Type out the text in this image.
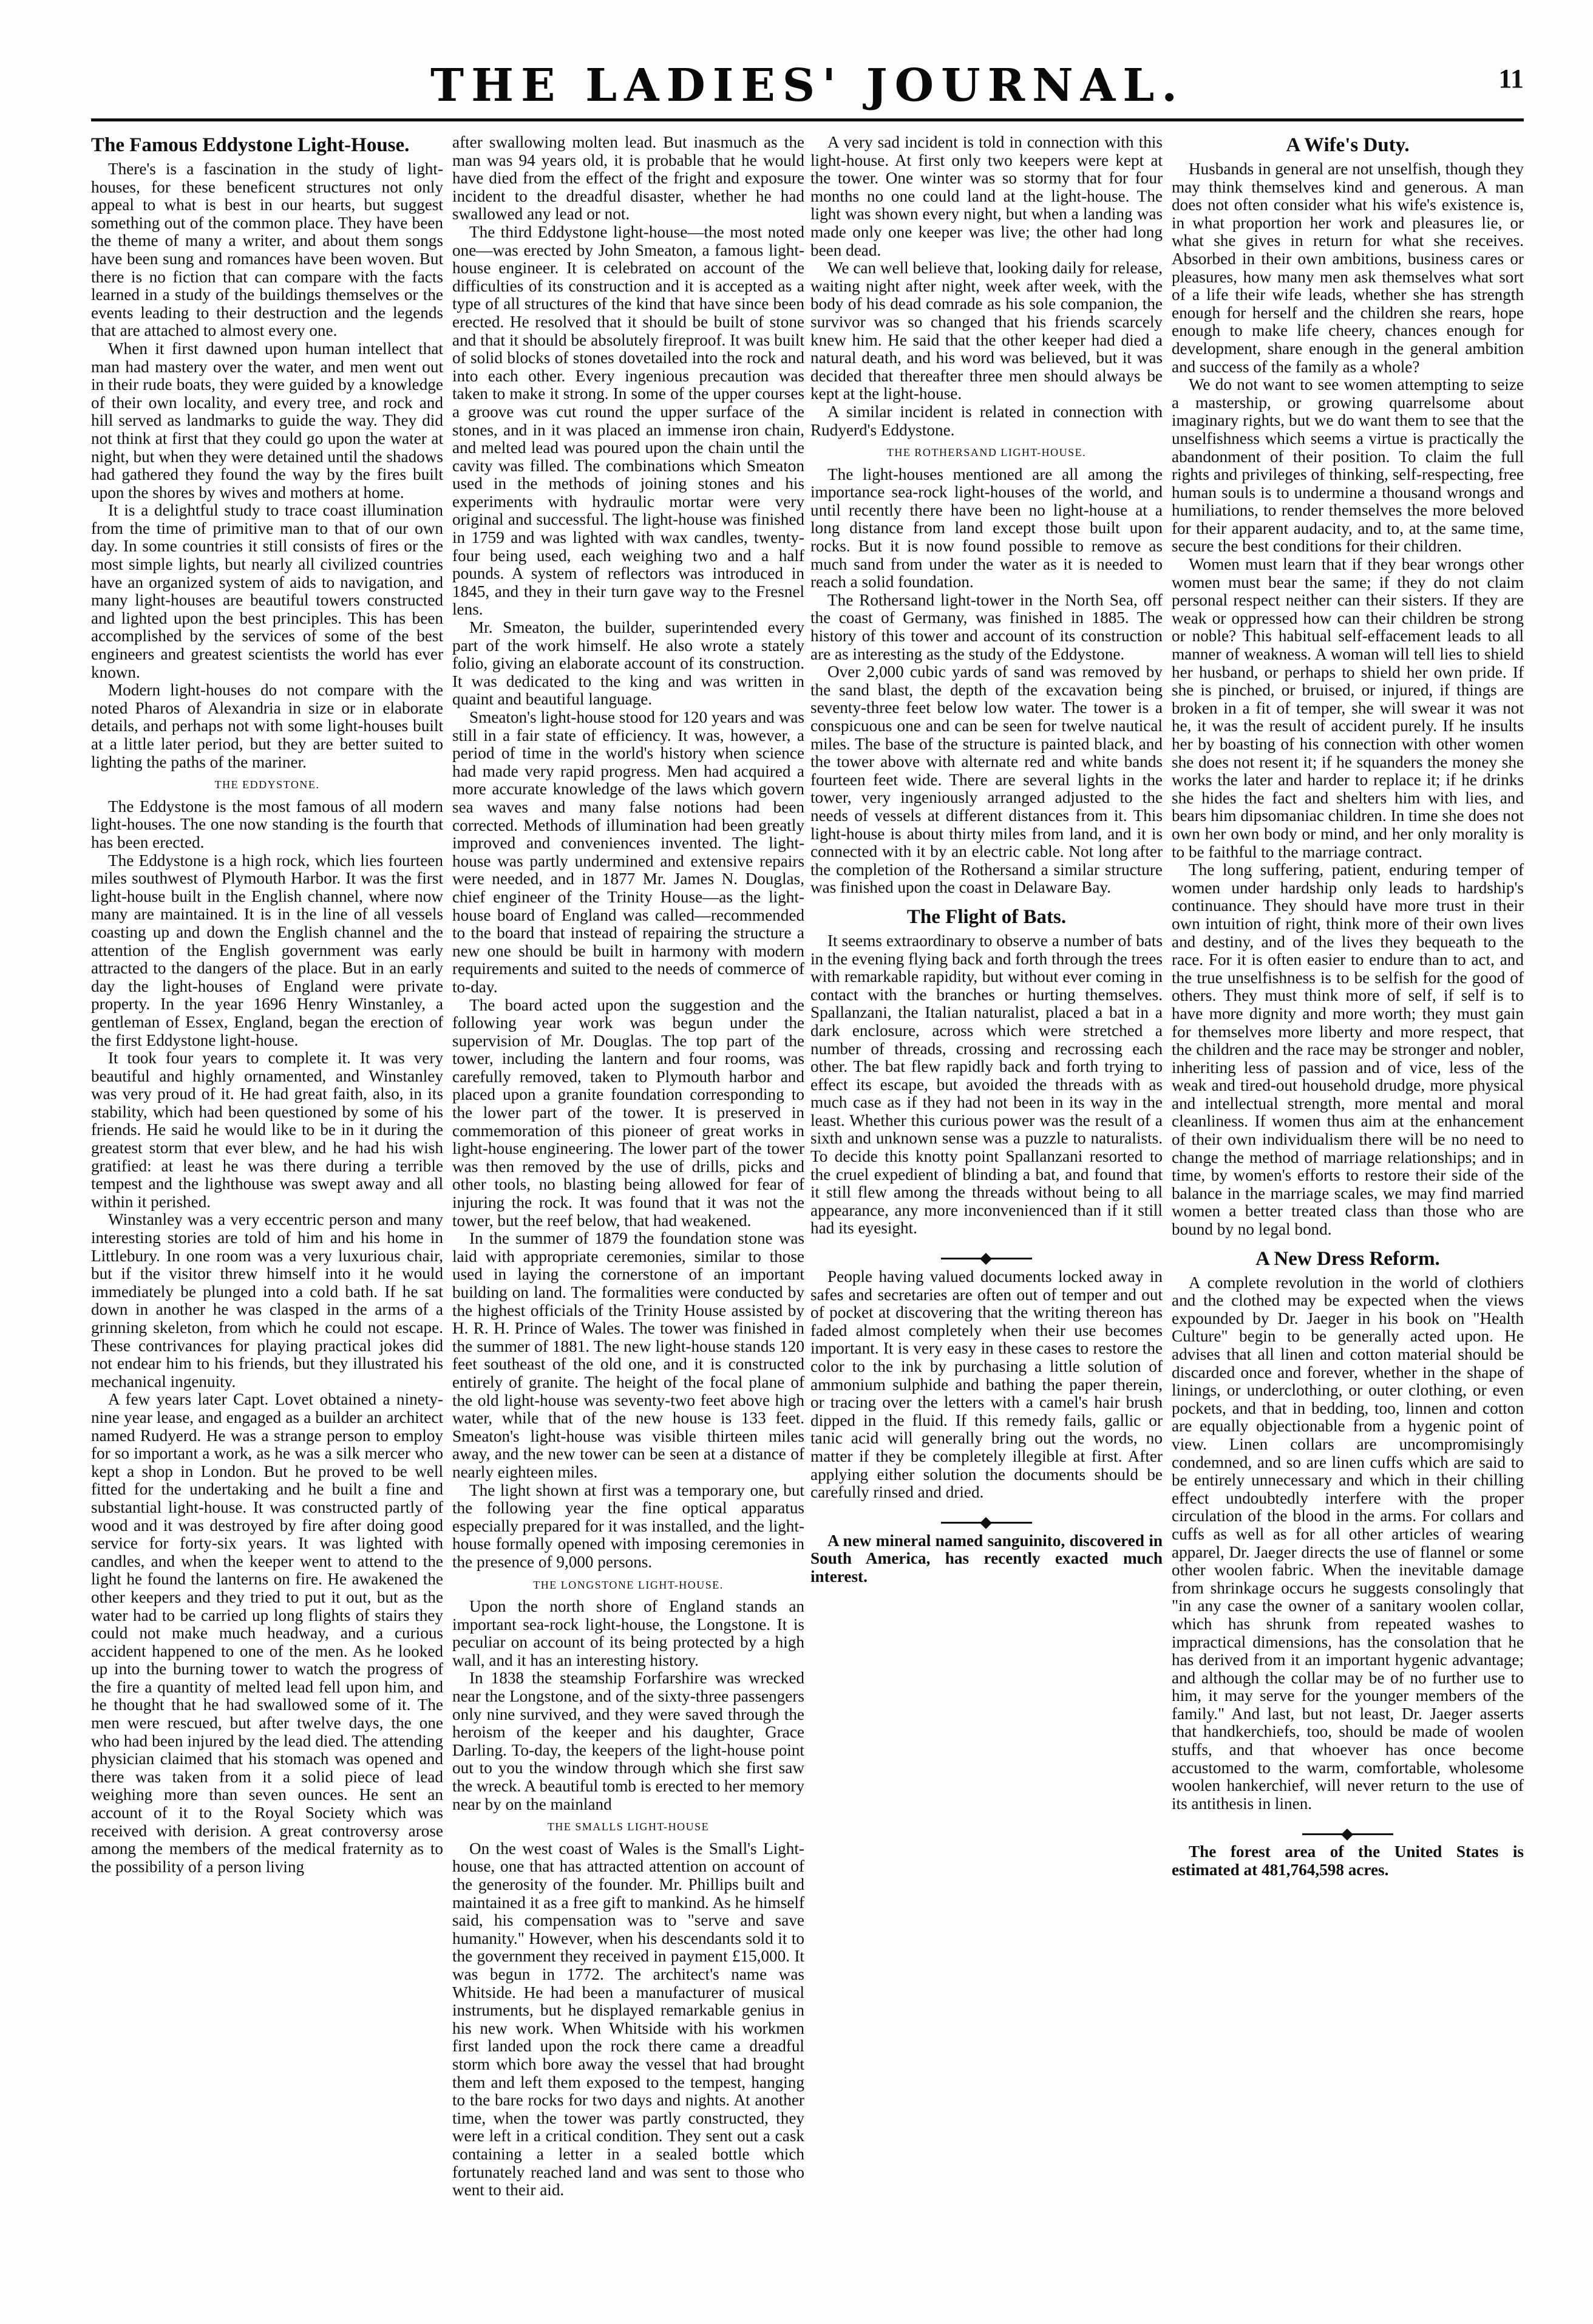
THE LADIES' JOURNAL.	11
The Famous Eddystone Light-House.

There's is a fascination in the study of light-houses, for these beneficent structures not only appeal to what is best in our hearts, but suggest something out of the common place. They have been the theme of many a writer, and about them songs have been sung and romances have been woven. But there is no fiction that can compare with the facts learned in a study of the buildings themselves or the events leading to their destruction and the legends that are attached to almost every one.

When it first dawned upon human intellect that man had mastery over the water, and men went out in their rude boats, they were guided by a knowledge of their own locality, and every tree, and rock and hill served as landmarks to guide the way. They did not think at first that they could go upon the water at night, but when they were detained until the shadows had gathered they found the way by the fires built upon the shores by wives and mothers at home.

It is a delightful study to trace coast illumination from the time of primitive man to that of our own day. In some countries it still consists of fires or the most simple lights, but nearly all civilized countries have an organized system of aids to navigation, and many light-houses are beautiful towers constructed and lighted upon the best principles. This has been accomplished by the services of some of the best engineers and greatest scientists the world has ever known.

Modern light-houses do not compare with the noted Pharos of Alexandria in size or in elaborate details, and perhaps not with some light-houses built at a little later period, but they are better suited to lighting the paths of the mariner.

THE EDDYSTONE.

The Eddystone is the most famous of all modern light-houses. The one now standing is the fourth that has been erected.

The Eddystone is a high rock, which lies fourteen miles southwest of Plymouth Harbor. It was the first light-house built in the English channel, where now many are maintained. It is in the line of all vessels coasting up and down the English channel and the attention of the English government was early attracted to the dangers of the place. But in an early day the light-houses of England were private property. In the year 1696 Henry Winstanley, a gentleman of Essex, England, began the erection of the first Eddystone light-house.

It took four years to complete it. It was very beautiful and highly ornamented, and Winstanley was very proud of it. He had great faith, also, in its stability, which had been questioned by some of his friends. He said he would like to be in it during the greatest storm that ever blew, and he had his wish gratified: at least he was there during a terrible tempest and the lighthouse was swept away and all within it perished.

Winstanley was a very eccentric person and many interesting stories are told of him and his home in Littlebury. In one room was a very luxurious chair, but if the visitor threw himself into it he would immediately be plunged into a cold bath. If he sat down in another he was clasped in the arms of a grinning skeleton, from which he could not escape. These contrivances for playing practical jokes did not endear him to his friends, but they illustrated his mechanical ingenuity.

A few years later Capt. Lovet obtained a ninety-nine year lease, and engaged as a builder an architect named Rudyerd. He was a strange person to employ for so important a work, as he was a silk mercer who kept a shop in London. But he proved to be well fitted for the undertaking and he built a fine and substantial light-house. It was constructed partly of wood and it was destroyed by fire after doing good service for forty-six years. It was lighted with candles, and when the keeper went to attend to the light he found the lanterns on fire. He awakened the other keepers and they tried to put it out, but as the water had to be carried up long flights of stairs they could not make much headway, and a curious accident happened to one of the men. As he looked up into the burning tower to watch the progress of the fire a quantity of melted lead fell upon him, and he thought that he had swallowed some of it. The men were rescued, but after twelve days, the one who had been injured by the lead died. The attending physician claimed that his stomach was opened and there was taken from it a solid piece of lead weighing more than seven ounces. He sent an account of it to the Royal Society which was received with derision. A great controversy arose among the members of the medical fraternity as to the possibility of a person living

after swallowing molten lead. But inasmuch as the man was 94 years old, it is probable that he would have died from the effect of the fright and exposure incident to the dreadful disaster, whether he had swallowed any lead or not.

The third Eddystone light-house—the most noted one—was erected by John Smeaton, a famous light-house engineer. It is celebrated on account of the difficulties of its construction and it is accepted as a type of all structures of the kind that have since been erected. He resolved that it should be built of stone and that it should be absolutely fireproof. It was built of solid blocks of stones dovetailed into the rock and into each other. Every ingenious precaution was taken to make it strong. In some of the upper courses a groove was cut round the upper surface of the stones, and in it was placed an immense iron chain, and melted lead was poured upon the chain until the cavity was filled. The combinations which Smeaton used in the methods of joining stones and his experiments with hydraulic mortar were very original and successful. The light-house was finished in 1759 and was lighted with wax candles, twenty-four being used, each weighing two and a half pounds. A system of reflectors was introduced in 1845, and they in their turn gave way to the Fresnel lens.

Mr. Smeaton, the builder, superintended every part of the work himself. He also wrote a stately folio, giving an elaborate account of its construction. It was dedicated to the king and was written in quaint and beautiful language.

Smeaton's light-house stood for 120 years and was still in a fair state of efficiency. It was, however, a period of time in the world's history when science had made very rapid progress. Men had acquired a more accurate knowledge of the laws which govern sea waves and many false notions had been corrected. Methods of illumination had been greatly improved and conveniences invented. The light-house was partly undermined and extensive repairs were needed, and in 1877 Mr. James N. Douglas, chief engineer of the Trinity House—as the light-house board of England was called—recommended to the board that instead of repairing the structure a new one should be built in harmony with modern requirements and suited to the needs of commerce of to-day.

The board acted upon the suggestion and the following year work was begun under the supervision of Mr. Douglas. The top part of the tower, including the lantern and four rooms, was carefully removed, taken to Plymouth harbor and placed upon a granite foundation corresponding to the lower part of the tower. It is preserved in commemoration of this pioneer of great works in light-house engineering. The lower part of the tower was then removed by the use of drills, picks and other tools, no blasting being allowed for fear of injuring the rock. It was found that it was not the tower, but the reef below, that had weakened.

In the summer of 1879 the foundation stone was laid with appropriate ceremonies, similar to those used in laying the cornerstone of an important building on land. The formalities were conducted by the highest officials of the Trinity House assisted by H. R. H. Prince of Wales. The tower was finished in the summer of 1881. The new light-house stands 120 feet southeast of the old one, and it is constructed entirely of granite. The height of the focal plane of the old light-house was seventy-two feet above high water, while that of the new house is 133 feet. Smeaton's light-house was visible thirteen miles away, and the new tower can be seen at a distance of nearly eighteen miles.

The light shown at first was a temporary one, but the following year the fine optical apparatus especially prepared for it was installed, and the light-house formally opened with imposing ceremonies in the presence of 9,000 persons.

THE LONGSTONE LIGHT-HOUSE.

Upon the north shore of England stands an important sea-rock light-house, the Longstone. It is peculiar on account of its being protected by a high wall, and it has an interesting history.

In 1838 the steamship Forfarshire was wrecked near the Longstone, and of the sixty-three passengers only nine survived, and they were saved through the heroism of the keeper and his daughter, Grace Darling. To-day, the keepers of the light-house point out to you the window through which she first saw the wreck. A beautiful tomb is erected to her memory near by on the mainland

THE SMALLS LIGHT-HOUSE

On the west coast of Wales is the Small's Light-house, one that has attracted attention on account of the generosity of the founder. Mr. Phillips built and maintained it as a free gift to mankind. As he himself said, his compensation was to "serve and save humanity." However, when his descendants sold it to the government they received in payment £15,000. It was begun in 1772. The architect's name was Whitside. He had been a manufacturer of musical instruments, but he displayed remarkable genius in his new work. When Whitside with his workmen first landed upon the rock there came a dreadful storm which bore away the vessel that had brought them and left them exposed to the tempest, hanging to the bare rocks for two days and nights. At another time, when the tower was partly constructed, they were left in a critical condition. They sent out a cask containing a letter in a sealed bottle which fortunately reached land and was sent to those who went to their aid.

A very sad incident is told in connection with this light-house. At first only two keepers were kept at the tower. One winter was so stormy that for four months no one could land at the light-house. The light was shown every night, but when a landing was made only one keeper was live; the other had long been dead.

We can well believe that, looking daily for release, waiting night after night, week after week, with the body of his dead comrade as his sole companion, the survivor was so changed that his friends scarcely knew him. He said that the other keeper had died a natural death, and his word was believed, but it was decided that thereafter three men should always be kept at the light-house.

A similar incident is related in connection with Rudyerd's Eddystone.

THE ROTHERSAND LIGHT-HOUSE.

The light-houses mentioned are all among the importance sea-rock light-houses of the world, and until recently there have been no light-house at a long distance from land except those built upon rocks. But it is now found possible to remove as much sand from under the water as it is needed to reach a solid foundation.

The Rothersand light-tower in the North Sea, off the coast of Germany, was finished in 1885. The history of this tower and account of its construction are as interesting as the study of the Eddystone.

Over 2,000 cubic yards of sand was removed by the sand blast, the depth of the excavation being seventy-three feet below low water. The tower is a conspicuous one and can be seen for twelve nautical miles. The base of the structure is painted black, and the tower above with alternate red and white bands fourteen feet wide. There are several lights in the tower, very ingeniously arranged adjusted to the needs of vessels at different distances from it. This light-house is about thirty miles from land, and it is connected with it by an electric cable. Not long after the completion of the Rothersand a similar structure was finished upon the coast in Delaware Bay.

The Flight of Bats.

It seems extraordinary to observe a number of bats in the evening flying back and forth through the trees with remarkable rapidity, but without ever coming in contact with the branches or hurting themselves. Spallanzani, the Italian naturalist, placed a bat in a dark enclosure, across which were stretched a number of threads, crossing and recrossing each other. The bat flew rapidly back and forth trying to effect its escape, but avoided the threads with as much case as if they had not been in its way in the least. Whether this curious power was the result of a sixth and unknown sense was a puzzle to naturalists. To decide this knotty point Spallanzani resorted to the cruel expedient of blinding a bat, and found that it still flew among the threads without being to all appearance, any more inconvenienced than if it still had its eyesight.

People having valued documents locked away in safes and secretaries are often out of temper and out of pocket at discovering that the writing thereon has faded almost completely when their use becomes important. It is very easy in these cases to restore the color to the ink by purchasing a little solution of ammonium sulphide and bathing the paper therein, or tracing over the letters with a camel's hair brush dipped in the fluid. If this remedy fails, gallic or tanic acid will generally bring out the words, no matter if they be completely illegible at first. After applying either solution the documents should be carefully rinsed and dried.

A new mineral named sanguinito, discovered in South America, has recently exacted much interest.

A Wife's Duty.

Husbands in general are not unselfish, though they may think themselves kind and generous. A man does not often consider what his wife's existence is, in what proportion her work and pleasures lie, or what she gives in return for what she receives. Absorbed in their own ambitions, business cares or pleasures, how many men ask themselves what sort of a life their wife leads, whether she has strength enough for herself and the children she rears, hope enough to make life cheery, chances enough for development, share enough in the general ambition and success of the family as a whole?

We do not want to see women attempting to seize a mastership, or growing quarrelsome about imaginary rights, but we do want them to see that the unselfishness which seems a virtue is practically the abandonment of their position. To claim the full rights and privileges of thinking, self-respecting, free human souls is to undermine a thousand wrongs and humiliations, to render themselves the more beloved for their apparent audacity, and to, at the same time, secure the best conditions for their children.

Women must learn that if they bear wrongs other women must bear the same; if they do not claim personal respect neither can their sisters. If they are weak or oppressed how can their children be strong or noble? This habitual self-effacement leads to all manner of weakness. A woman will tell lies to shield her husband, or perhaps to shield her own pride. If she is pinched, or bruised, or injured, if things are broken in a fit of temper, she will swear it was not he, it was the result of accident purely. If he insults her by boasting of his connection with other women she does not resent it; if he squanders the money she works the later and harder to replace it; if he drinks she hides the fact and shelters him with lies, and bears him dipsomaniac children. In time she does not own her own body or mind, and her only morality is to be faithful to the marriage contract.

The long suffering, patient, enduring temper of women under hardship only leads to hardship's continuance. They should have more trust in their own intuition of right, think more of their own lives and destiny, and of the lives they bequeath to the race. For it is often easier to endure than to act, and the true unselfishness is to be selfish for the good of others. They must think more of self, if self is to have more dignity and more worth; they must gain for themselves more liberty and more respect, that the children and the race may be stronger and nobler, inheriting less of passion and of vice, less of the weak and tired-out household drudge, more physical and intellectual strength, more mental and moral cleanliness. If women thus aim at the enhancement of their own individualism there will be no need to change the method of marriage relationships; and in time, by women's efforts to restore their side of the balance in the marriage scales, we may find married women a better treated class than those who are bound by no legal bond.

A New Dress Reform.

A complete revolution in the world of clothiers and the clothed may be expected when the views expounded by Dr. Jaeger in his book on "Health Culture" begin to be generally acted upon. He advises that all linen and cotton material should be discarded once and forever, whether in the shape of linings, or underclothing, or outer clothing, or even pockets, and that in bedding, too, linnen and cotton are equally objectionable from a hygenic point of view. Linen collars are uncompromisingly condemned, and so are linen cuffs which are said to be entirely unnecessary and which in their chilling effect undoubtedly interfere with the proper circulation of the blood in the arms. For collars and cuffs as well as for all other articles of wearing apparel, Dr. Jaeger directs the use of flannel or some other woolen fabric. When the inevitable damage from shrinkage occurs he suggests consolingly that "in any case the owner of a sanitary woolen collar, which has shrunk from repeated washes to impractical dimensions, has the consolation that he has derived from it an important hygenic advantage; and although the collar may be of no further use to him, it may serve for the younger members of the family." And last, but not least, Dr. Jaeger asserts that handkerchiefs, too, should be made of woolen stuffs, and that whoever has once become accustomed to the warm, comfortable, wholesome woolen hankerchief, will never return to the use of its antithesis in linen.

The forest area of the United States is estimated at 481,764,598 acres.
